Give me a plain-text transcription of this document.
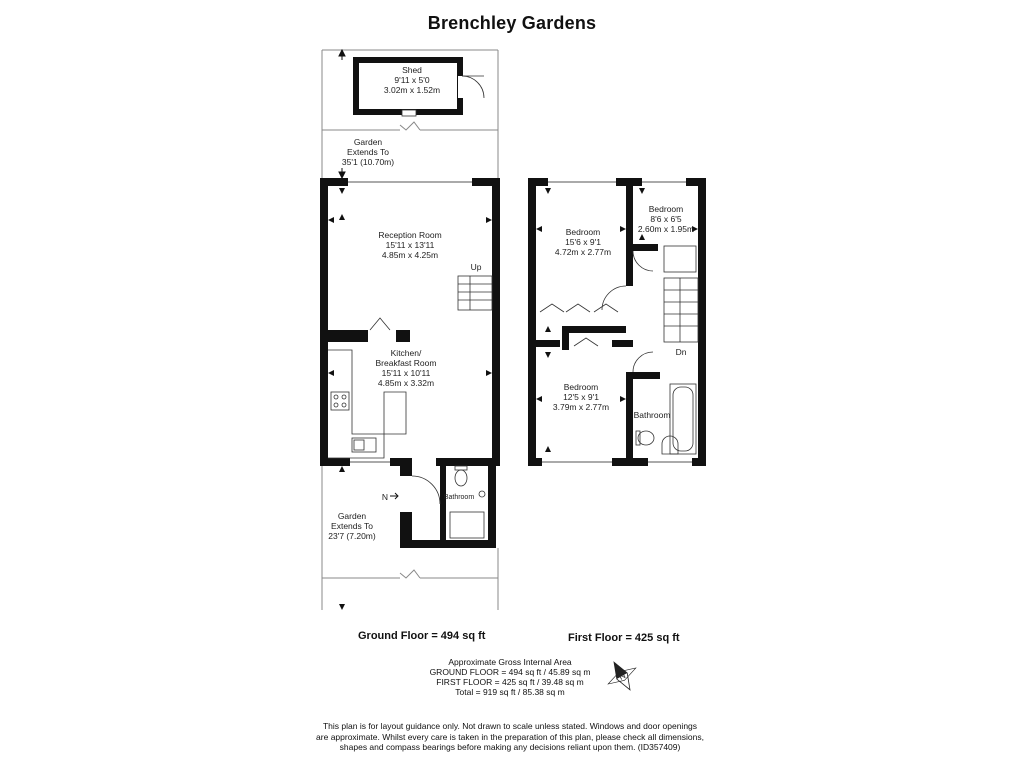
Brenchley Gardens
Shed
9'11 x 5'0
3.02m x 1.52m
Garden
Extends To
35'1 (10.70m)
Up
Reception Room
15'11 x 13'11
4.85m x 4.25m
Kitchen/
Breakfast Room
15'11 x 10'11
4.85m x 3.32m
Bathroom
N
Garden
Extends To
23'7 (7.20m)
Dn
Bathroom
Bedroom
15'6 x 9'1
4.72m x 2.77m
Bedroom
8'6 x 6'5
2.60m x 1.95m
Bedroom
12'5 x 9'1
3.79m x 2.77m
N
Ground Floor = 494 sq ft	First Floor = 425 sq ft
Approximate Gross Internal Area
GROUND FLOOR = 494 sq ft / 45.89 sq m
FIRST FLOOR = 425 sq ft / 39.48 sq m
Total = 919 sq ft / 85.38 sq m
This plan is for layout guidance only. Not drawn to scale unless stated. Windows and door openings
are approximate. Whilst every care is taken in the preparation of this plan, please check all dimensions,
shapes and compass bearings before making any decisions reliant upon them. (ID357409)
